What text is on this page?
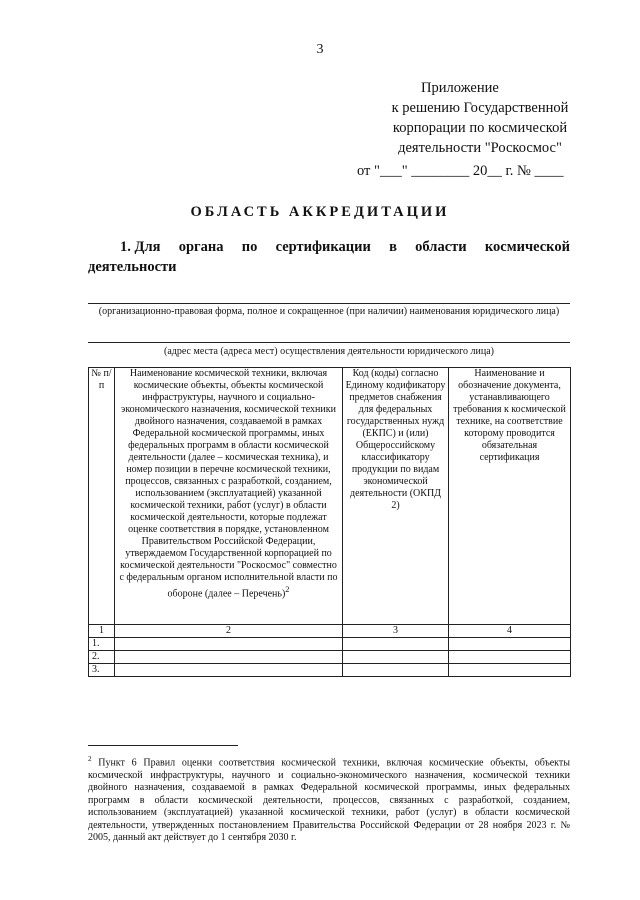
3
Приложение
к решению Государственной
корпорации по космической
деятельности "Роскосмос"
от "___" ________ 20__ г. № ____
ОБЛАСТЬ АККРЕДИТАЦИИ
1. Для органа по сертификации в области космической
деятельности
(организационно-правовая форма, полное и сокращенное (при наличии) наименования юридического лица)
(адрес места (адреса мест) осуществления деятельности юридического лица)
№ п/п	Наименование космической техники, включая космические объекты, объекты космической инфраструктуры, научного и социально-экономического назначения, космической техники двойного назначения, создаваемой в рамках Федеральной космической программы, иных федеральных программ в области космической деятельности (далее – космическая техника), и номер позиции в перечне космической техники, процессов, связанных с разработкой, созданием, использованием (эксплуатацией) указанной космической техники, работ (услуг) в области космической деятельности, которые подлежат оценке соответствия в порядке, установленном Правительством Российской Федерации, утверждаемом Государственной корпорацией по космической деятельности "Роскосмос" совместно с федеральным органом исполнительной власти по обороне (далее – Перечень)$^2$	Код (коды) согласно Единому кодификатору предметов снабжения для федеральных государственных нужд (ЕКПС) и (или) Общероссийскому классификатору продукции по видам экономической деятельности (ОКПД 2)	Наименование и обозначение документа, устанавливающего требования к космической технике, на соответствие которому проводится обязательная сертификация
1	2	3	4
1.			
2.			
3.			
$^2$ Пункт 6 Правил оценки соответствия космической техники, включая космические объекты, объекты космической инфраструктуры, научного и социально-экономического назначения, космической техники двойного назначения, создаваемой в рамках Федеральной космической программы, иных федеральных программ в области космической деятельности, процессов, связанных с разработкой, созданием, использованием (эксплуатацией) указанной космической техники, работ (услуг) в области космической деятельности, утвержденных постановлением Правительства Российской Федерации от 28 ноября 2023 г. № 2005, данный акт действует до 1 сентября 2030 г.
